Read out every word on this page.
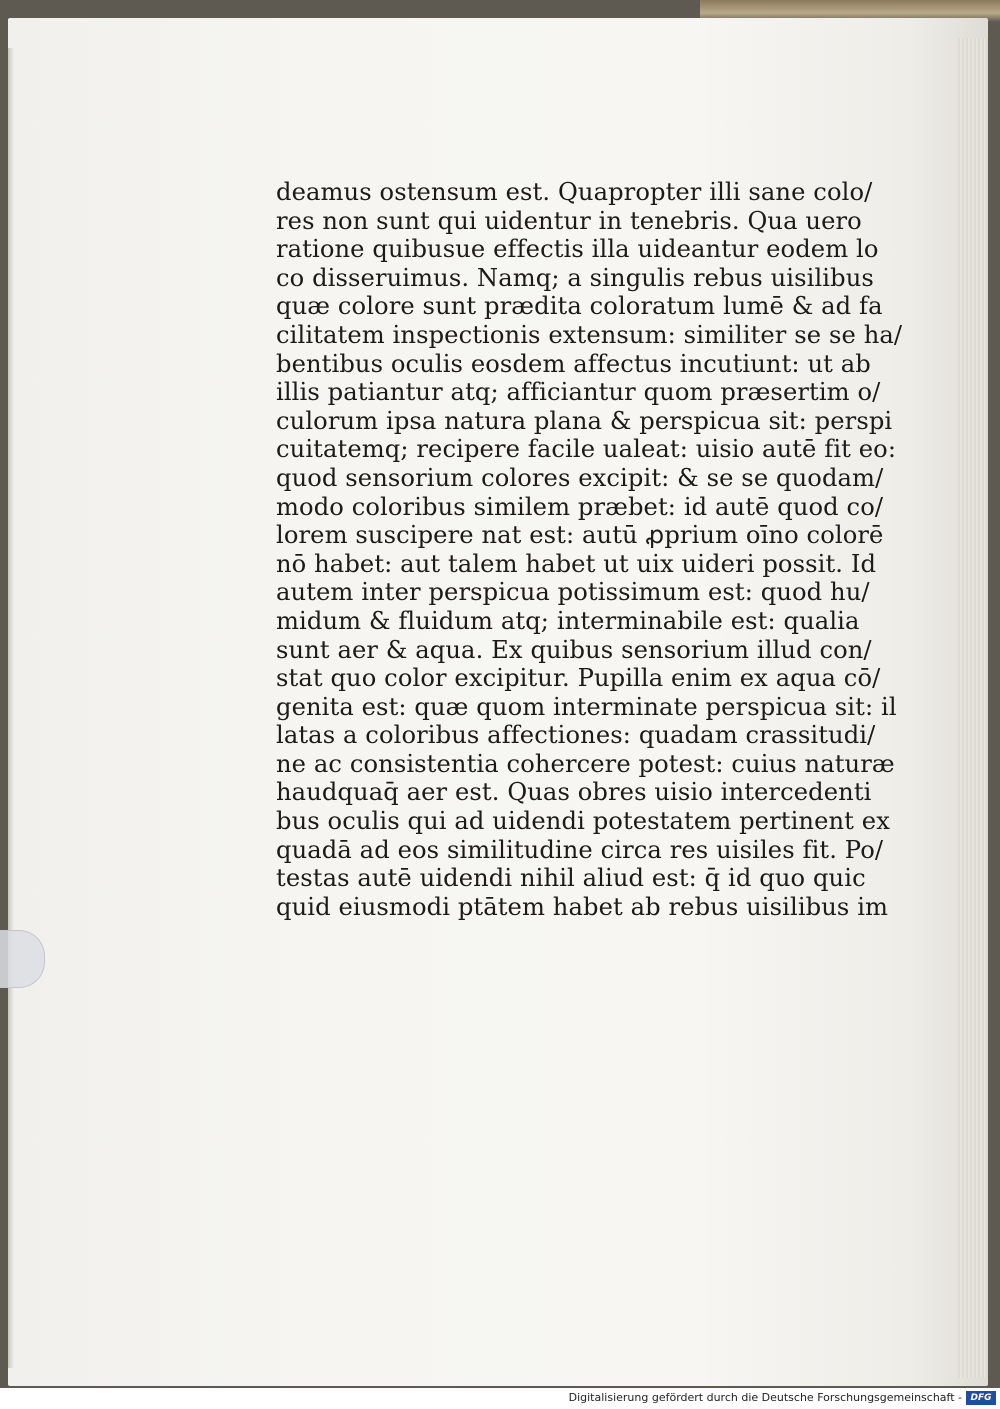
deamus ostensum est. Quapropter illi sane colo/
res non sunt qui uidentur in tenebris. Qua uero
ratione quibusue effectis illa uideantur eodem lo
co disseruimus. Namq; a singulis rebus uisilibus
quæ colore sunt prædita coloratum lumē & ad fa
cilitatem inspectionis extensum: similiter se se ha/
bentibus oculis eosdem affectus incutiunt: ut ab
illis patiantur atq; afficiantur quom præsertim o/
culorum ipsa natura plana & perspicua sit: perspi
cuitatemq; recipere facile ualeat: uisio autē fit eo:
quod sensorium colores excipit: & se se quodam/
modo coloribus similem præbet: id autē quod co/
lorem suscipere nat est: autū ꝓprium oīno colorē
nō habet: aut talem habet ut uix uideri possit. Id
autem inter perspicua potissimum est: quod hu/
midum & fluidum atq; interminabile est: qualia
sunt aer & aqua. Ex quibus sensorium illud con/
stat quo color excipitur. Pupilla enim ex aqua cō/
genita est: quæ quom interminate perspicua sit: il
latas a coloribus affectiones: quadam crassitudi/
ne ac consistentia cohercere potest: cuius naturæ
haudquaq̄ aer est. Quas obres uisio intercedenti
bus oculis qui ad uidendi potestatem pertinent ex
quadā ad eos similitudine circa res uisiles fit. Po/
testas autē uidendi nihil aliud est: q̄ id quo quic
quid eiusmodi ptātem habet ab rebus uisilibus im
Digitalisierung gefördert durch die Deutsche Forschungsgemeinschaft - DFG
